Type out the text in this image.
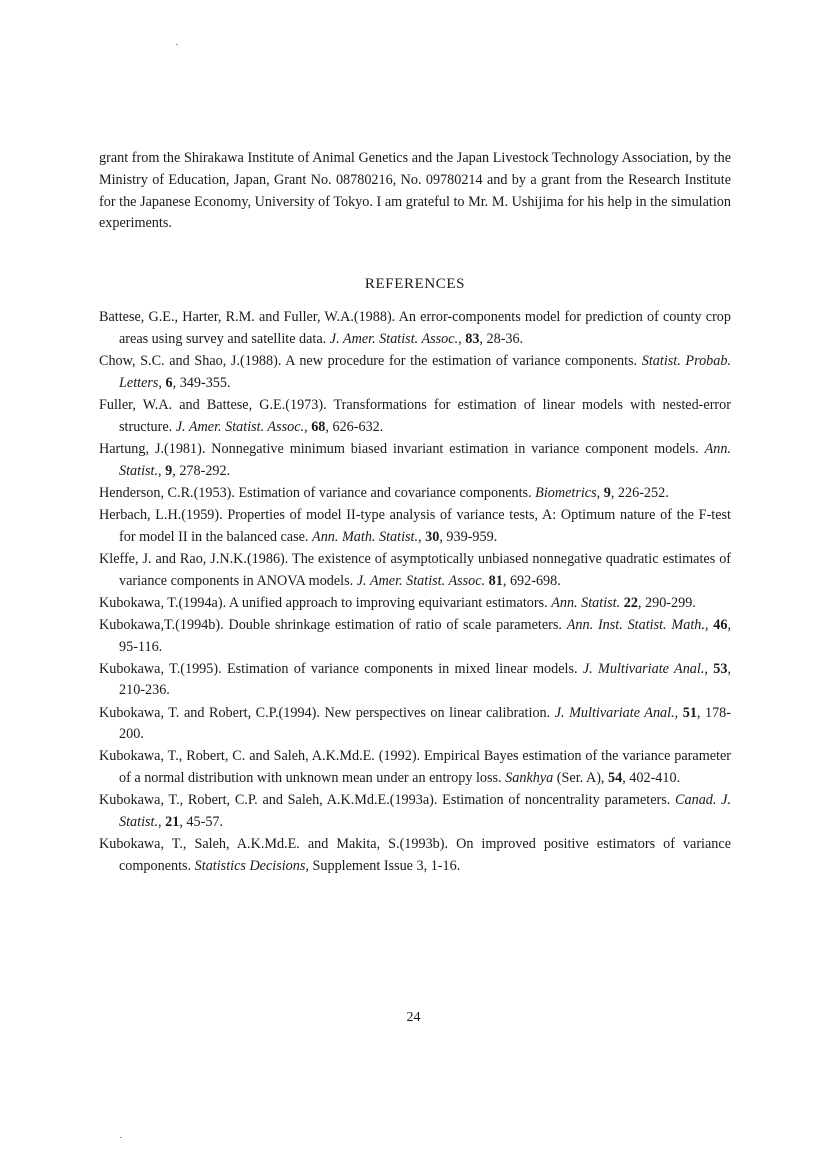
grant from the Shirakawa Institute of Animal Genetics and the Japan Livestock Technology Association, by the Ministry of Education, Japan, Grant No. 08780216, No. 09780214 and by a grant from the Research Institute for the Japanese Economy, University of Tokyo. I am grateful to Mr. M. Ushijima for his help in the simulation experiments.

REFERENCES
Battese, G.E., Harter, R.M. and Fuller, W.A.(1988). An error-components model for prediction of county crop areas using survey and satellite data. J. Amer. Statist. Assoc., 83, 28-36.
Chow, S.C. and Shao, J.(1988). A new procedure for the estimation of variance components. Statist. Probab. Letters, 6, 349-355.
Fuller, W.A. and Battese, G.E.(1973). Transformations for estimation of linear models with nested-error structure. J. Amer. Statist. Assoc., 68, 626-632.
Hartung, J.(1981). Nonnegative minimum biased invariant estimation in variance component models. Ann. Statist., 9, 278-292.
Henderson, C.R.(1953). Estimation of variance and covariance components. Biometrics, 9, 226-252.
Herbach, L.H.(1959). Properties of model II-type analysis of variance tests, A: Optimum nature of the F-test for model II in the balanced case. Ann. Math. Statist., 30, 939-959.
Kleffe, J. and Rao, J.N.K.(1986). The existence of asymptotically unbiased nonnegative quadratic estimates of variance components in ANOVA models. J. Amer. Statist. Assoc. 81, 692-698.
Kubokawa, T.(1994a). A unified approach to improving equivariant estimators. Ann. Statist. 22, 290-299.
Kubokawa,T.(1994b). Double shrinkage estimation of ratio of scale parameters. Ann. Inst. Statist. Math., 46, 95-116.
Kubokawa, T.(1995). Estimation of variance components in mixed linear models. J. Multivariate Anal., 53, 210-236.
Kubokawa, T. and Robert, C.P.(1994). New perspectives on linear calibration. J. Multivariate Anal., 51, 178-200.
Kubokawa, T., Robert, C. and Saleh, A.K.Md.E. (1992). Empirical Bayes estimation of the variance parameter of a normal distribution with unknown mean under an entropy loss. Sankhya (Ser. A), 54, 402-410.
Kubokawa, T., Robert, C.P. and Saleh, A.K.Md.E.(1993a). Estimation of noncentrality parameters. Canad. J. Statist., 21, 45-57.
Kubokawa, T., Saleh, A.K.Md.E. and Makita, S.(1993b). On improved positive estimators of variance components. Statistics Decisions, Supplement Issue 3, 1-16.
24
